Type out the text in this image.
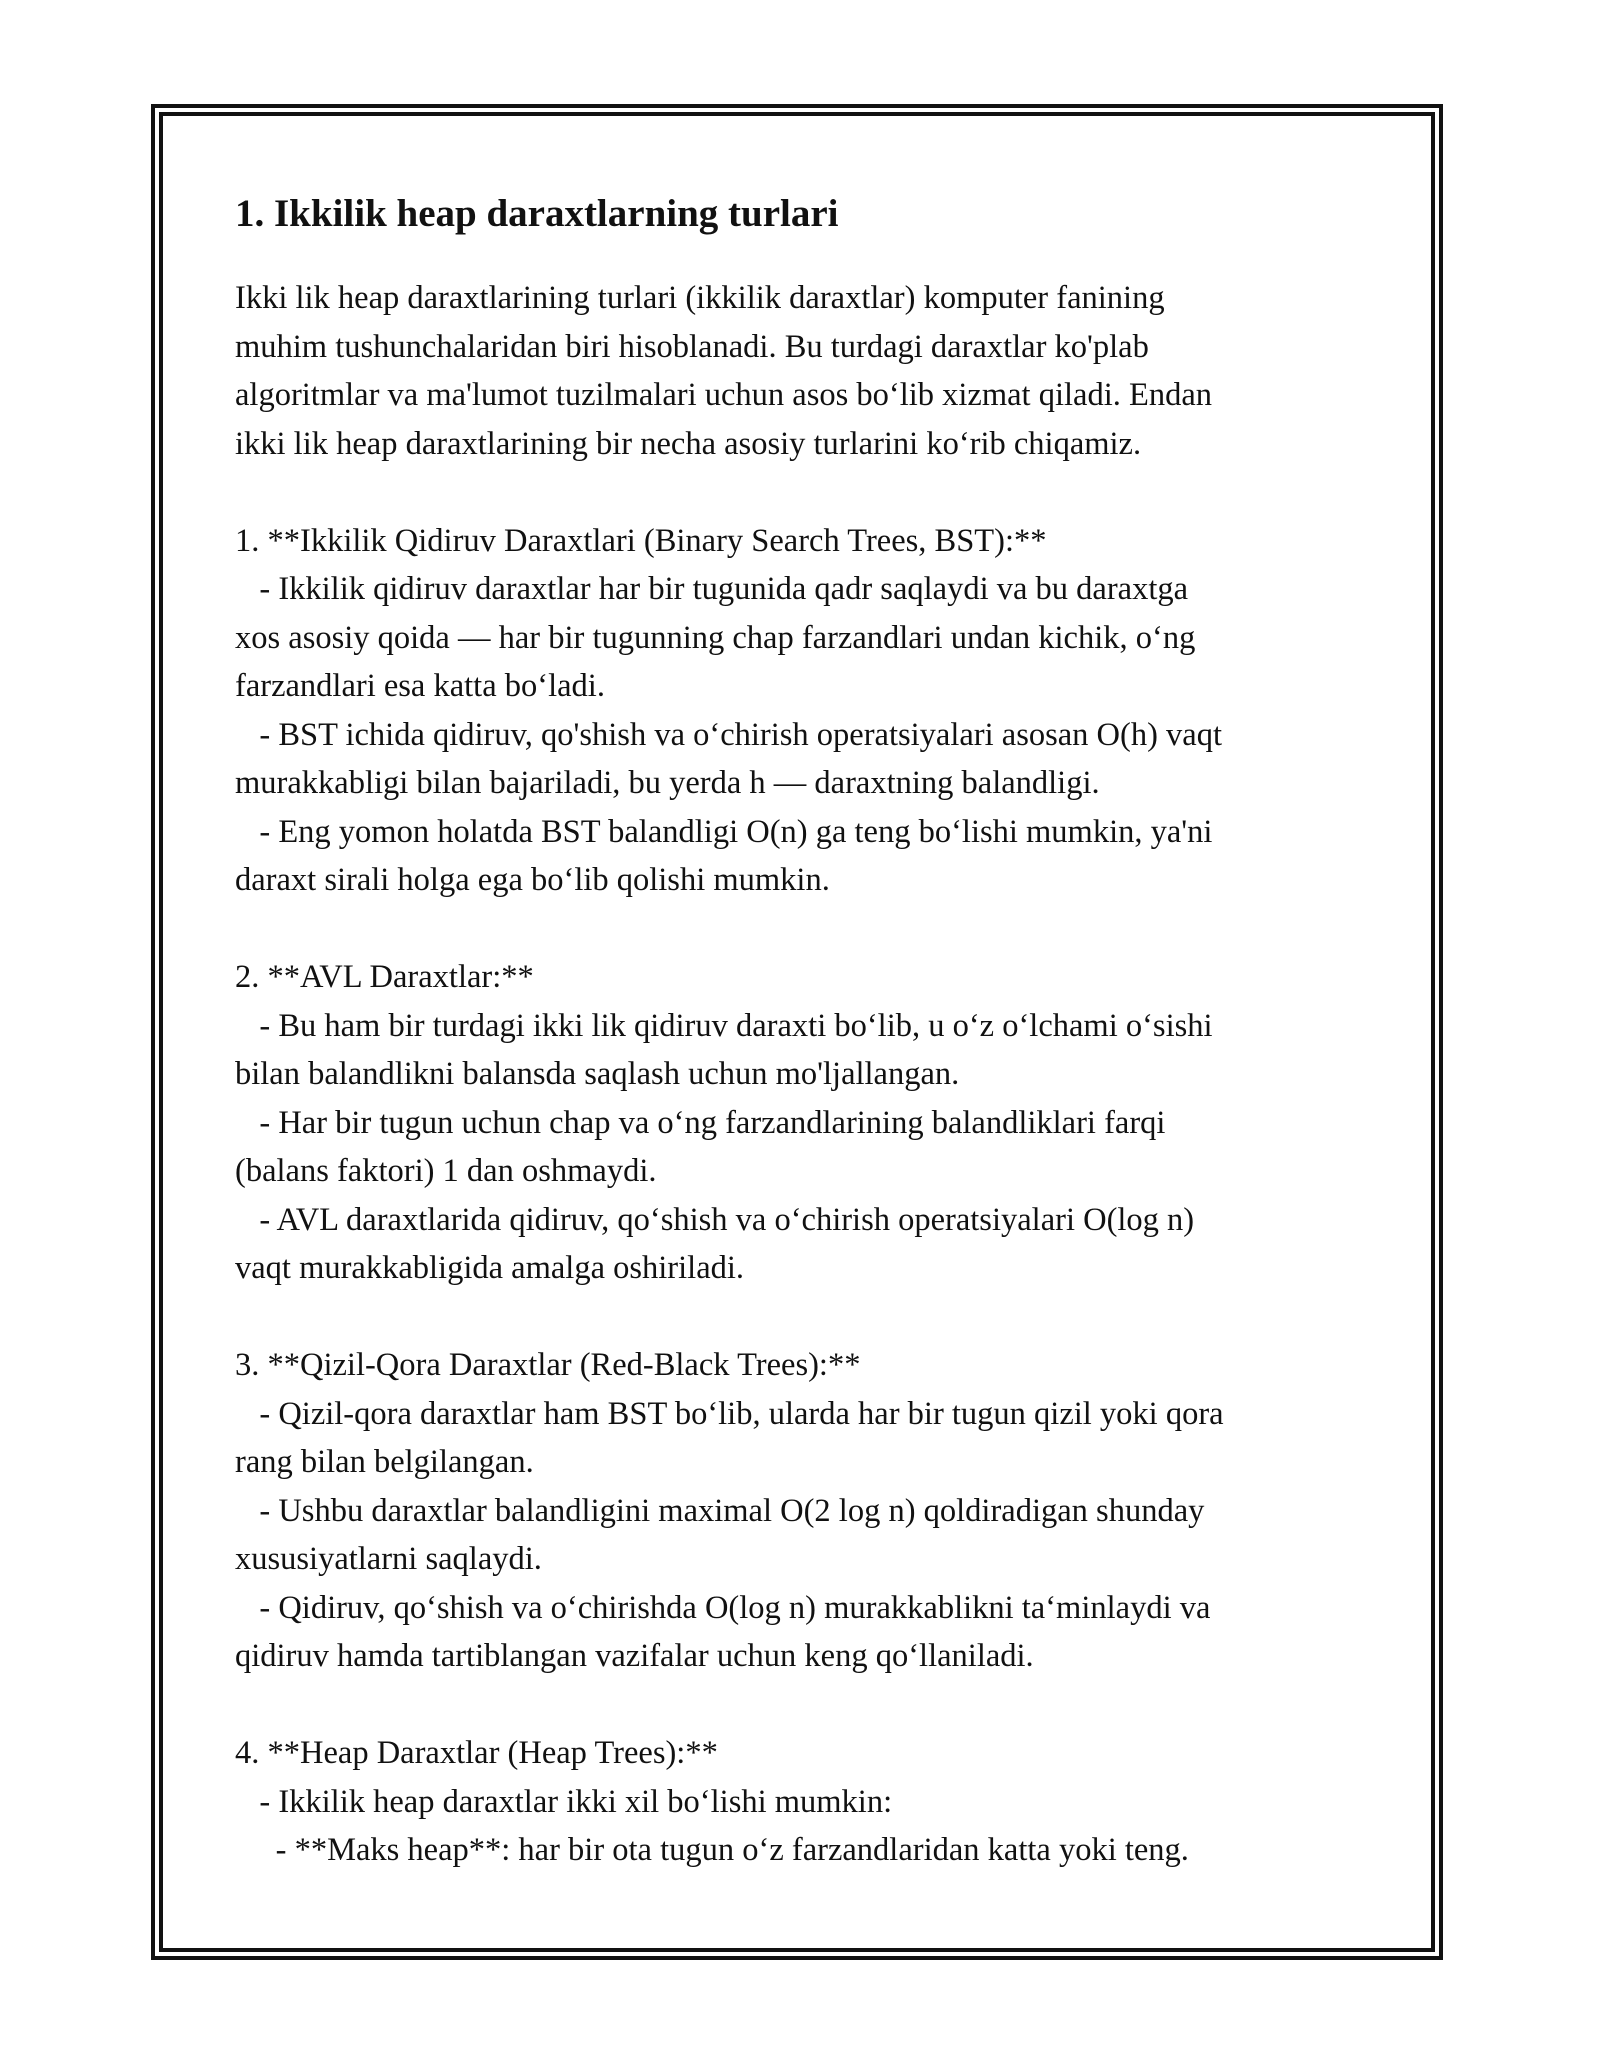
1. Ikkilik heap daraxtlarning turlari

Ikki lik heap daraxtlarining turlari (ikkilik daraxtlar) komputer fanining

muhim tushunchalaridan biri hisoblanadi. Bu turdagi daraxtlar ko'plab

algoritmlar va ma'lumot tuzilmalari uchun asos bo‘lib xizmat qiladi. Endan

ikki lik heap daraxtlarining bir necha asosiy turlarini ko‘rib chiqamiz.

1. **Ikkilik Qidiruv Daraxtlari (Binary Search Trees, BST):**

- Ikkilik qidiruv daraxtlar har bir tugunida qadr saqlaydi va bu daraxtga

xos asosiy qoida — har bir tugunning chap farzandlari undan kichik, o‘ng

farzandlari esa katta bo‘ladi.

- BST ichida qidiruv, qo'shish va o‘chirish operatsiyalari asosan O(h) vaqt

murakkabligi bilan bajariladi, bu yerda h — daraxtning balandligi.

- Eng yomon holatda BST balandligi O(n) ga teng bo‘lishi mumkin, ya'ni

daraxt sirali holga ega bo‘lib qolishi mumkin.

2. **AVL Daraxtlar:**

- Bu ham bir turdagi ikki lik qidiruv daraxti bo‘lib, u o‘z o‘lchami o‘sishi

bilan balandlikni balansda saqlash uchun mo'ljallangan.

- Har bir tugun uchun chap va o‘ng farzandlarining balandliklari farqi

(balans faktori) 1 dan oshmaydi.

- AVL daraxtlarida qidiruv, qo‘shish va o‘chirish operatsiyalari O(log n)

vaqt murakkabligida amalga oshiriladi.

3. **Qizil-Qora Daraxtlar (Red-Black Trees):**

- Qizil-qora daraxtlar ham BST bo‘lib, ularda har bir tugun qizil yoki qora

rang bilan belgilangan.

- Ushbu daraxtlar balandligini maximal O(2 log n) qoldiradigan shunday

xususiyatlarni saqlaydi.

- Qidiruv, qo‘shish va o‘chirishda O(log n) murakkablikni ta‘minlaydi va

qidiruv hamda tartiblangan vazifalar uchun keng qo‘llaniladi.

4. **Heap Daraxtlar (Heap Trees):**

- Ikkilik heap daraxtlar ikki xil bo‘lishi mumkin:

- **Maks heap**: har bir ota tugun o‘z farzandlaridan katta yoki teng.
